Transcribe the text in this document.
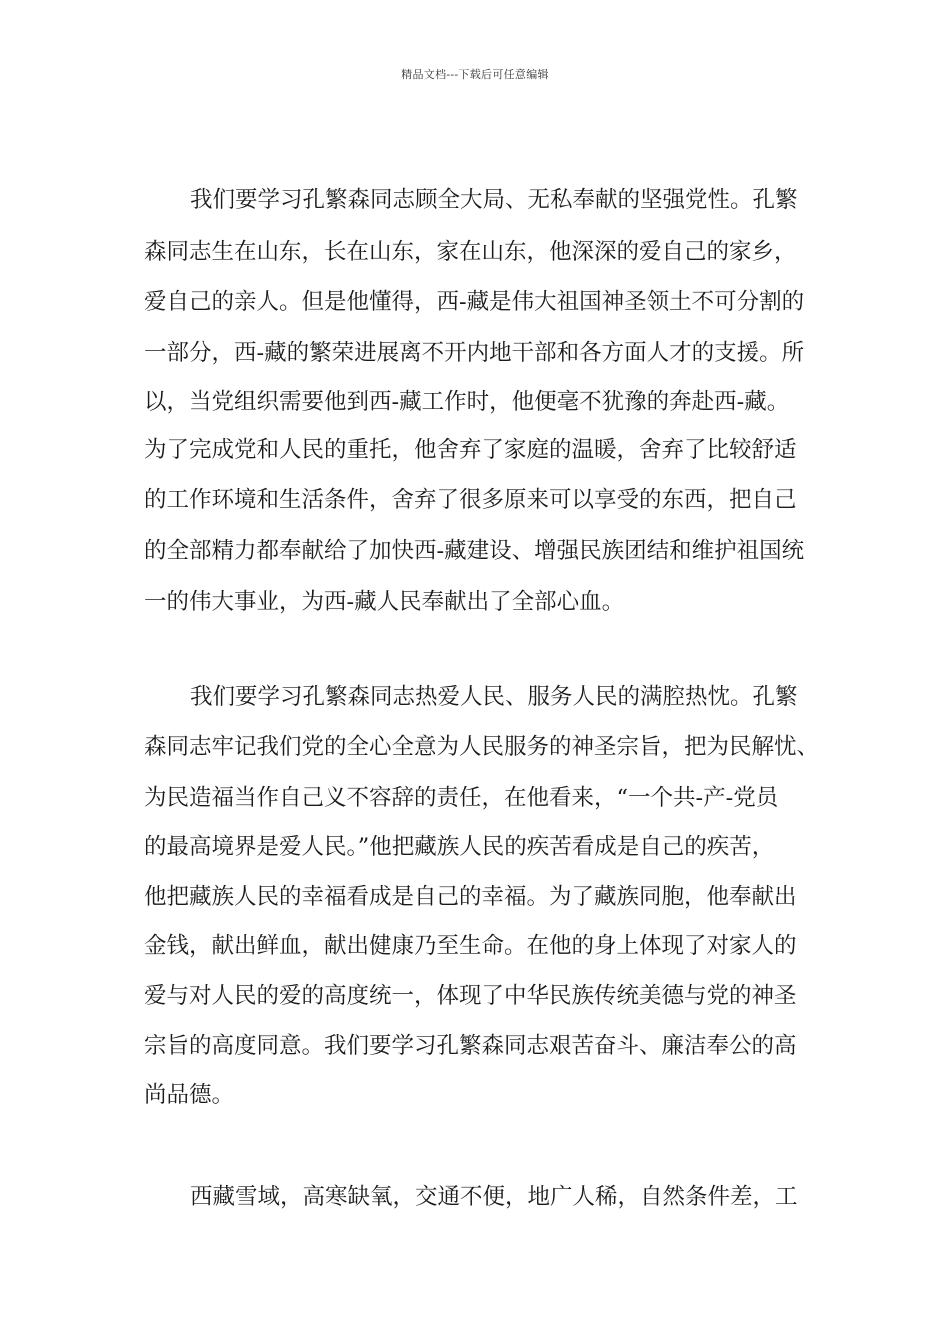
精品文档---下载后可任意编辑
我们要学习孔繁森同志顾全大局、无私奉献的坚强党性。孔繁
森同志生在山东，长在山东，家在山东，他深深的爱自己的家乡，
爱自己的亲人。但是他懂得，西-藏是伟大祖国神圣领土不可分割的
一部分，西-藏的繁荣进展离不开内地干部和各方面人才的支援。所
以，当党组织需要他到西-藏工作时，他便毫不犹豫的奔赴西-藏。
为了完成党和人民的重托，他舍弃了家庭的温暖，舍弃了比较舒适
的工作环境和生活条件，舍弃了很多原来可以享受的东西，把自己
的全部精力都奉献给了加快西-藏建设、增强民族团结和维护祖国统
一的伟大事业，为西-藏人民奉献出了全部心血。
我们要学习孔繁森同志热爱人民、服务人民的满腔热忱。孔繁
森同志牢记我们党的全心全意为人民服务的神圣宗旨，把为民解忧、
为民造福当作自己义不容辞的责任，在他看来，“一个共-产-党员
的最高境界是爱人民。”他把藏族人民的疾苦看成是自己的疾苦，
他把藏族人民的幸福看成是自己的幸福。为了藏族同胞，他奉献出
金钱，献出鲜血，献出健康乃至生命。在他的身上体现了对家人的
爱与对人民的爱的高度统一，体现了中华民族传统美德与党的神圣
宗旨的高度同意。我们要学习孔繁森同志艰苦奋斗、廉洁奉公的高
尚品德。
西藏雪域，高寒缺氧，交通不便，地广人稀，自然条件差，工
